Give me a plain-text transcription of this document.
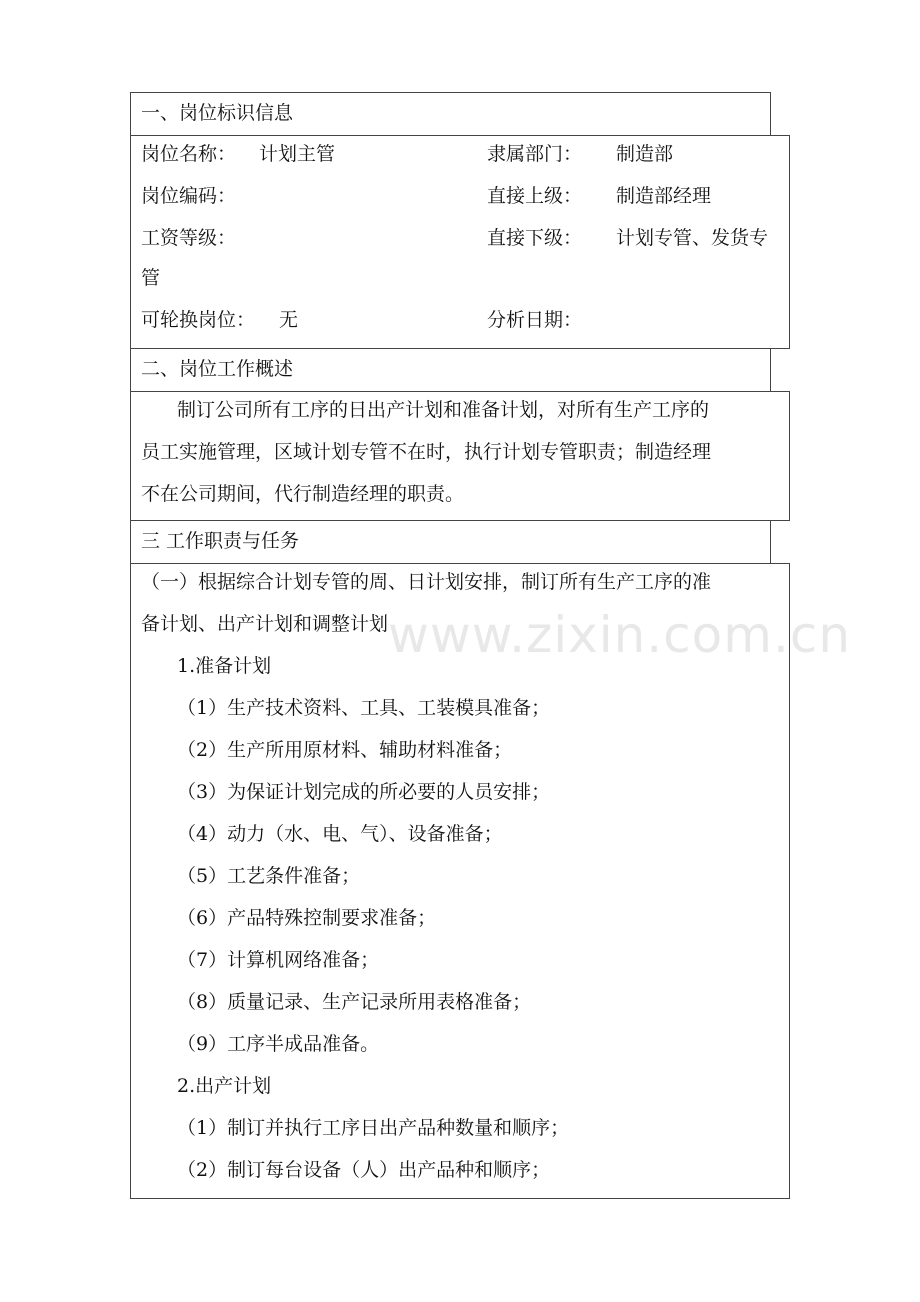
一、岗位标识信息
岗位名称： 计划主管	隶属部门： 制造部
岗位编码：	直接上级： 制造部经理
工资等级：	直接下级： 计划专管、发货专
管
可轮换岗位： 无	分析日期：
二、岗位工作概述
制订公司所有工序的日出产计划和准备计划，对所有生产工序的
员工实施管理，区域计划专管不在时，执行计划专管职责；制造经理
不在公司期间，代行制造经理的职责。
三 工作职责与任务
（一）根据综合计划专管的周、日计划安排，制订所有生产工序的准
备计划、出产计划和调整计划
1.准备计划
（1）生产技术资料、工具、工装模具准备；
（2）生产所用原材料、辅助材料准备；
（3）为保证计划完成的所必要的人员安排；
（4）动力（水、电、气）、设备准备；
（5）工艺条件准备；
（6）产品特殊控制要求准备；
（7）计算机网络准备；
（8）质量记录、生产记录所用表格准备；
（9）工序半成品准备。
2.出产计划
（1）制订并执行工序日出产品种数量和顺序；
（2）制订每台设备（人）出产品种和顺序；
www.zixin.com.cn
